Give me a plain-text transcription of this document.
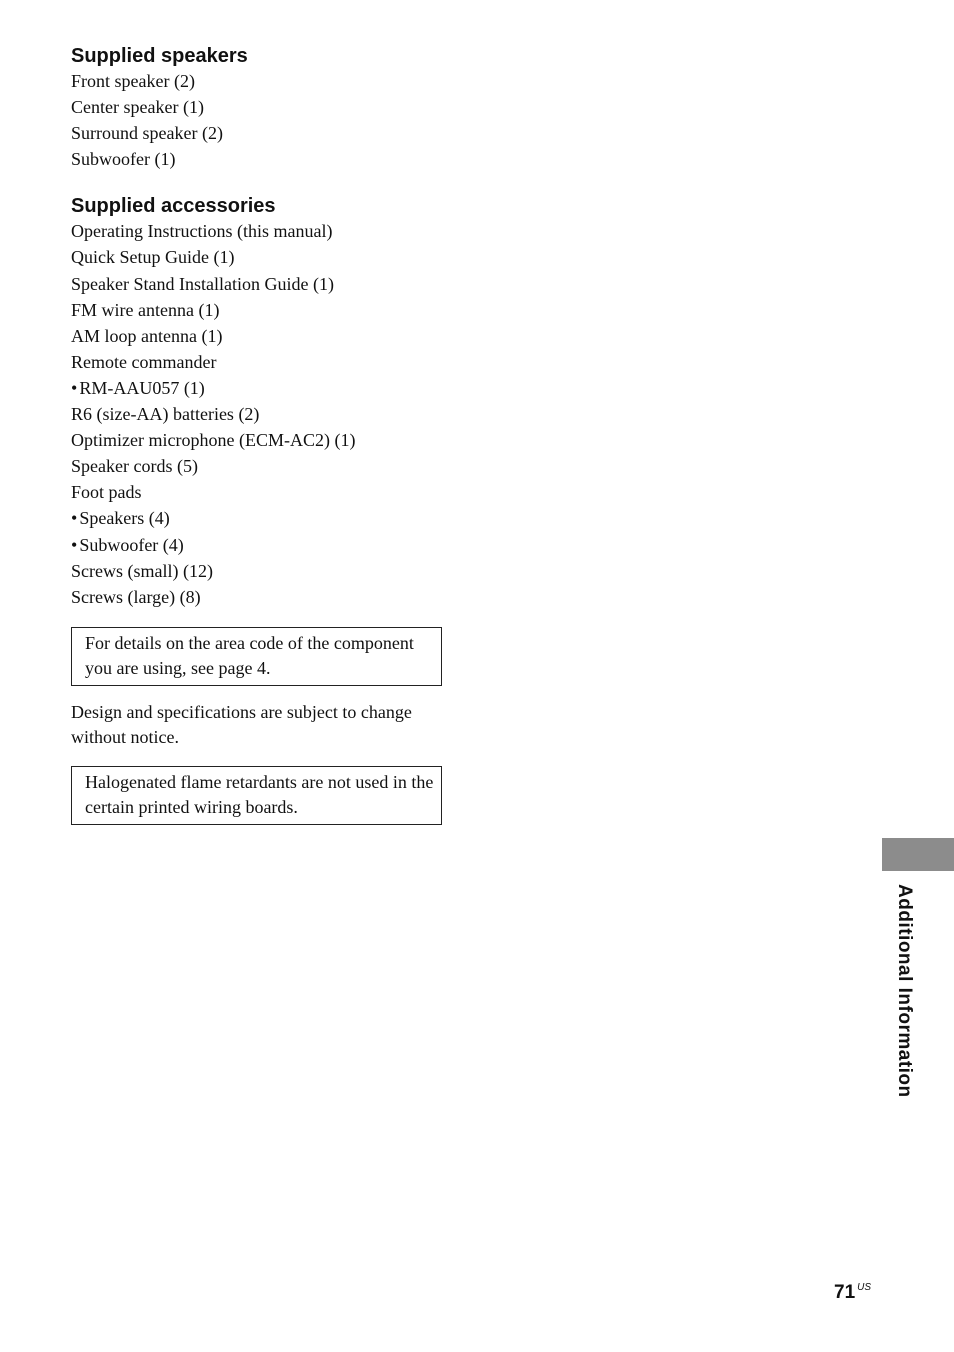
Supplied speakers
Front speaker (2)
Center speaker (1)
Surround speaker (2)
Subwoofer (1)
Supplied accessories
Operating Instructions (this manual)
Quick Setup Guide (1)
Speaker Stand Installation Guide (1)
FM wire antenna (1)
AM loop antenna (1)
Remote commander
• RM-AAU057 (1)
R6 (size-AA) batteries (2)
Optimizer microphone (ECM-AC2) (1)
Speaker cords (5)
Foot pads
• Speakers (4)
• Subwoofer (4)
Screws (small) (12)
Screws (large) (8)
For details on the area code of the component you are using, see page 4.

Design and specifications are subject to change without notice.

Halogenated flame retardants are not used in the certain printed wiring boards.
Additional Information
71 $^{US}$
